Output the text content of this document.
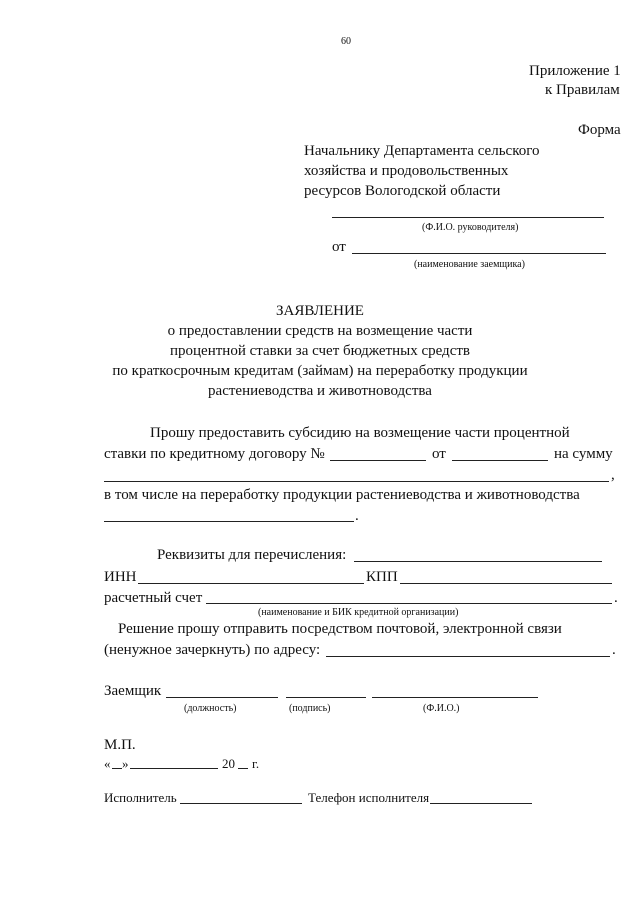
60
Приложение 1
к Правилам
Форма
Начальнику Департамента сельского
хозяйства и продовольственных
ресурсов Вологодской области
(Ф.И.О. руководителя)
от
(наименование заемщика)
ЗАЯВЛЕНИЕ
о предоставлении средств на возмещение части
процентной ставки за счет бюджетных средств
по краткосрочным кредитам (займам) на переработку продукции
растениеводства и животноводства
Прошу предоставить субсидию на возмещение части процентной
ставки по кредитному договору №	от	на сумму
,
в том числе на переработку продукции растениеводства и животноводства
.
Реквизиты для перечисления:
ИНН	КПП
расчетный счет	.
(наименование и БИК кредитной организации)
Решение прошу отправить посредством почтовой, электронной связи
(ненужное зачеркнуть) по адресу:	.
Заемщик
(должность)	(подпись)	(Ф.И.О.)
М.П.
« »	20 г.
Исполнитель	Телефон исполнителя
